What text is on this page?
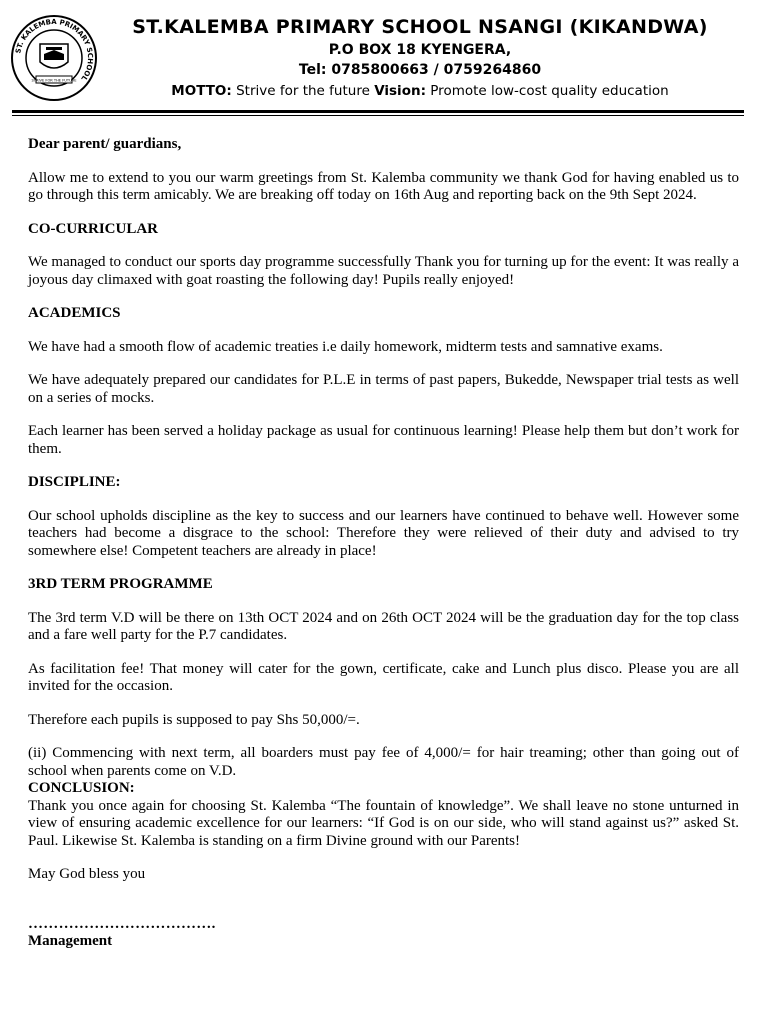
ST. KALEMBA PRIMARY SCHOOL
STRIVE FOR THE FUTURE
ST.KALEMBA PRIMARY SCHOOL NSANGI (KIKANDWA)
P.O BOX 18 KYENGERA,
Tel: 0785800663 / 0759264860
MOTTO: Strive for the future Vision: Promote low-cost quality education

Dear parent/ guardians,

Allow me to extend to you our warm greetings from St. Kalemba community we thank God for having enabled us to go through this term amicably. We are breaking off today on 16th Aug and reporting back on the 9th Sept 2024.

CO-CURRICULAR

We managed to conduct our sports day programme successfully Thank you for turning up for the event: It was really a joyous day climaxed with goat roasting the following day! Pupils really enjoyed!

ACADEMICS

We have had a smooth flow of academic treaties i.e daily homework, midterm tests and samnative exams.

We have adequately prepared our candidates for P.L.E in terms of past papers, Bukedde, Newspaper trial tests as well on a series of mocks.

Each learner has been served a holiday package as usual for continuous learning! Please help them but don’t work for them.

DISCIPLINE:

Our school upholds discipline as the key to success and our learners have continued to behave well. However some teachers had become a disgrace to the school: Therefore they were relieved of their duty and advised to try somewhere else! Competent teachers are already in place!

3RD TERM PROGRAMME

The 3rd term V.D will be there on 13th OCT 2024 and on 26th OCT 2024 will be the graduation day for the top class and a fare well party for the P.7 candidates.

As facilitation fee! That money will cater for the gown, certificate, cake and Lunch plus disco. Please you are all invited for the occasion.

Therefore each pupils is supposed to pay Shs 50,000/=.

(ii) Commencing with next term, all boarders must pay fee of 4,000/= for hair treaming; other than going out of school when parents come on V.D.

CONCLUSION:

Thank you once again for choosing St. Kalemba “The fountain of knowledge”. We shall leave no stone unturned in view of ensuring academic excellence for our learners: “If God is on our side, who will stand against us?” asked St. Paul. Likewise St. Kalemba is standing on a firm Divine ground with our Parents!

May God bless you

……………………………….
Management
